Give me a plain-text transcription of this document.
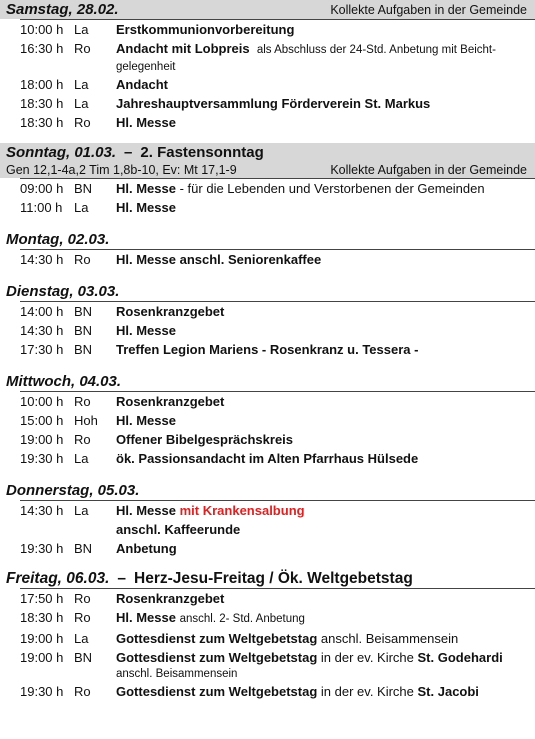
Samstag, 28.02.	Kollekte Aufgaben in der Gemeinde
10:00 h La	Erstkommunionvorbereitung
16:30 h Ro	Andacht mit Lobpreis als Abschluss der 24-Std. Anbetung mit Beicht-
gelegenheit
18:00 h La	Andacht
18:30 h La	Jahreshauptversammlung Förderverein St. Markus
18:30 h Ro	Hl. Messe
Sonntag, 01.03. – 2. Fastensonntag
Gen 12,1-4a,2 Tim 1,8b-10, Ev: Mt 17,1-9	Kollekte Aufgaben in der Gemeinde
09:00 h BN	Hl. Messe - für die Lebenden und Verstorbenen der Gemeinden
11:00 h La	Hl. Messe
Montag, 02.03.
14:30 h Ro	Hl. Messe anschl. Seniorenkaffee
Dienstag, 03.03.
14:00 h BN	Rosenkranzgebet
14:30 h BN	Hl. Messe
17:30 h BN	Treffen Legion Mariens - Rosenkranz u. Tessera -
Mittwoch, 04.03.
10:00 h Ro	Rosenkranzgebet
15:00 h Hoh	Hl. Messe
19:00 h Ro	Offener Bibelgesprächskreis
19:30 h La	ök. Passionsandacht im Alten Pfarrhaus Hülsede
Donnerstag, 05.03.
14:30 h La	Hl. Messe mit Krankensalbung
anschl. Kaffeerunde
19:30 h BN	Anbetung
Freitag, 06.03. – Herz-Jesu-Freitag / Ök. Weltgebetstag
17:50 h Ro	Rosenkranzgebet
18:30 h Ro	Hl. Messe anschl. 2- Std. Anbetung
19:00 h La	Gottesdienst zum Weltgebetstag anschl. Beisammensein
19:00 h BN	Gottesdienst zum Weltgebetstag in der ev. Kirche St. Godehardi
anschl. Beisammensein
19:30 h Ro	Gottesdienst zum Weltgebetstag in der ev. Kirche St. Jacobi
